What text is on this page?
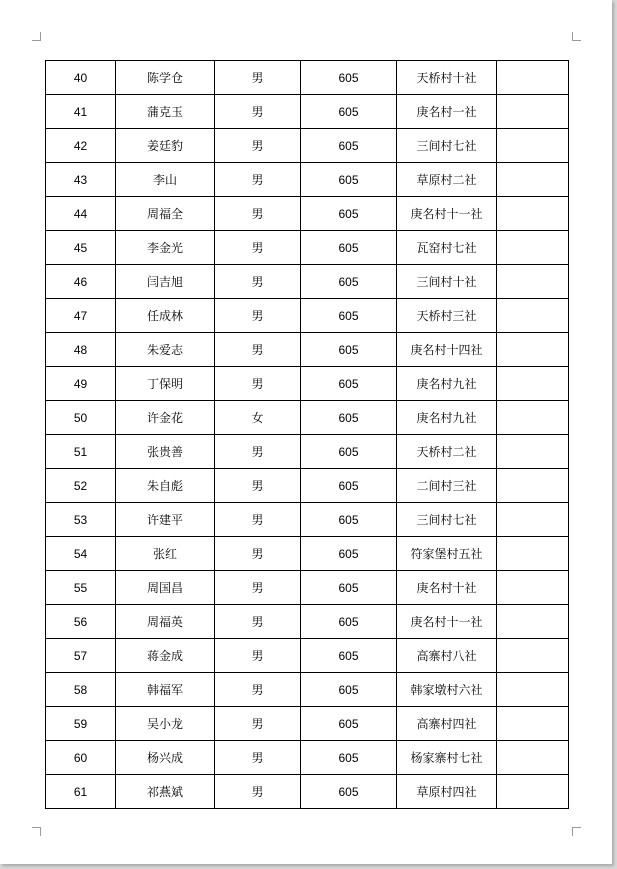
40	陈学仓	男	605	天桥村十社	
41	蒲克玉	男	605	庚名村一社	
42	姜廷豹	男	605	三间村七社	
43	李山	男	605	草原村二社	
44	周福全	男	605	庚名村十一社	
45	李金光	男	605	瓦窑村七社	
46	闫吉旭	男	605	三间村十社	
47	任成林	男	605	天桥村三社	
48	朱爱志	男	605	庚名村十四社	
49	丁保明	男	605	庚名村九社	
50	许金花	女	605	庚名村九社	
51	张贵善	男	605	天桥村二社	
52	朱自彪	男	605	二间村三社	
53	许建平	男	605	三间村七社	
54	张红	男	605	符家堡村五社	
55	周国昌	男	605	庚名村十社	
56	周福英	男	605	庚名村十一社	
57	蒋金成	男	605	高寨村八社	
58	韩福军	男	605	韩家墩村六社	
59	吴小龙	男	605	高寨村四社	
60	杨兴成	男	605	杨家寨村七社	
61	祁燕斌	男	605	草原村四社	
